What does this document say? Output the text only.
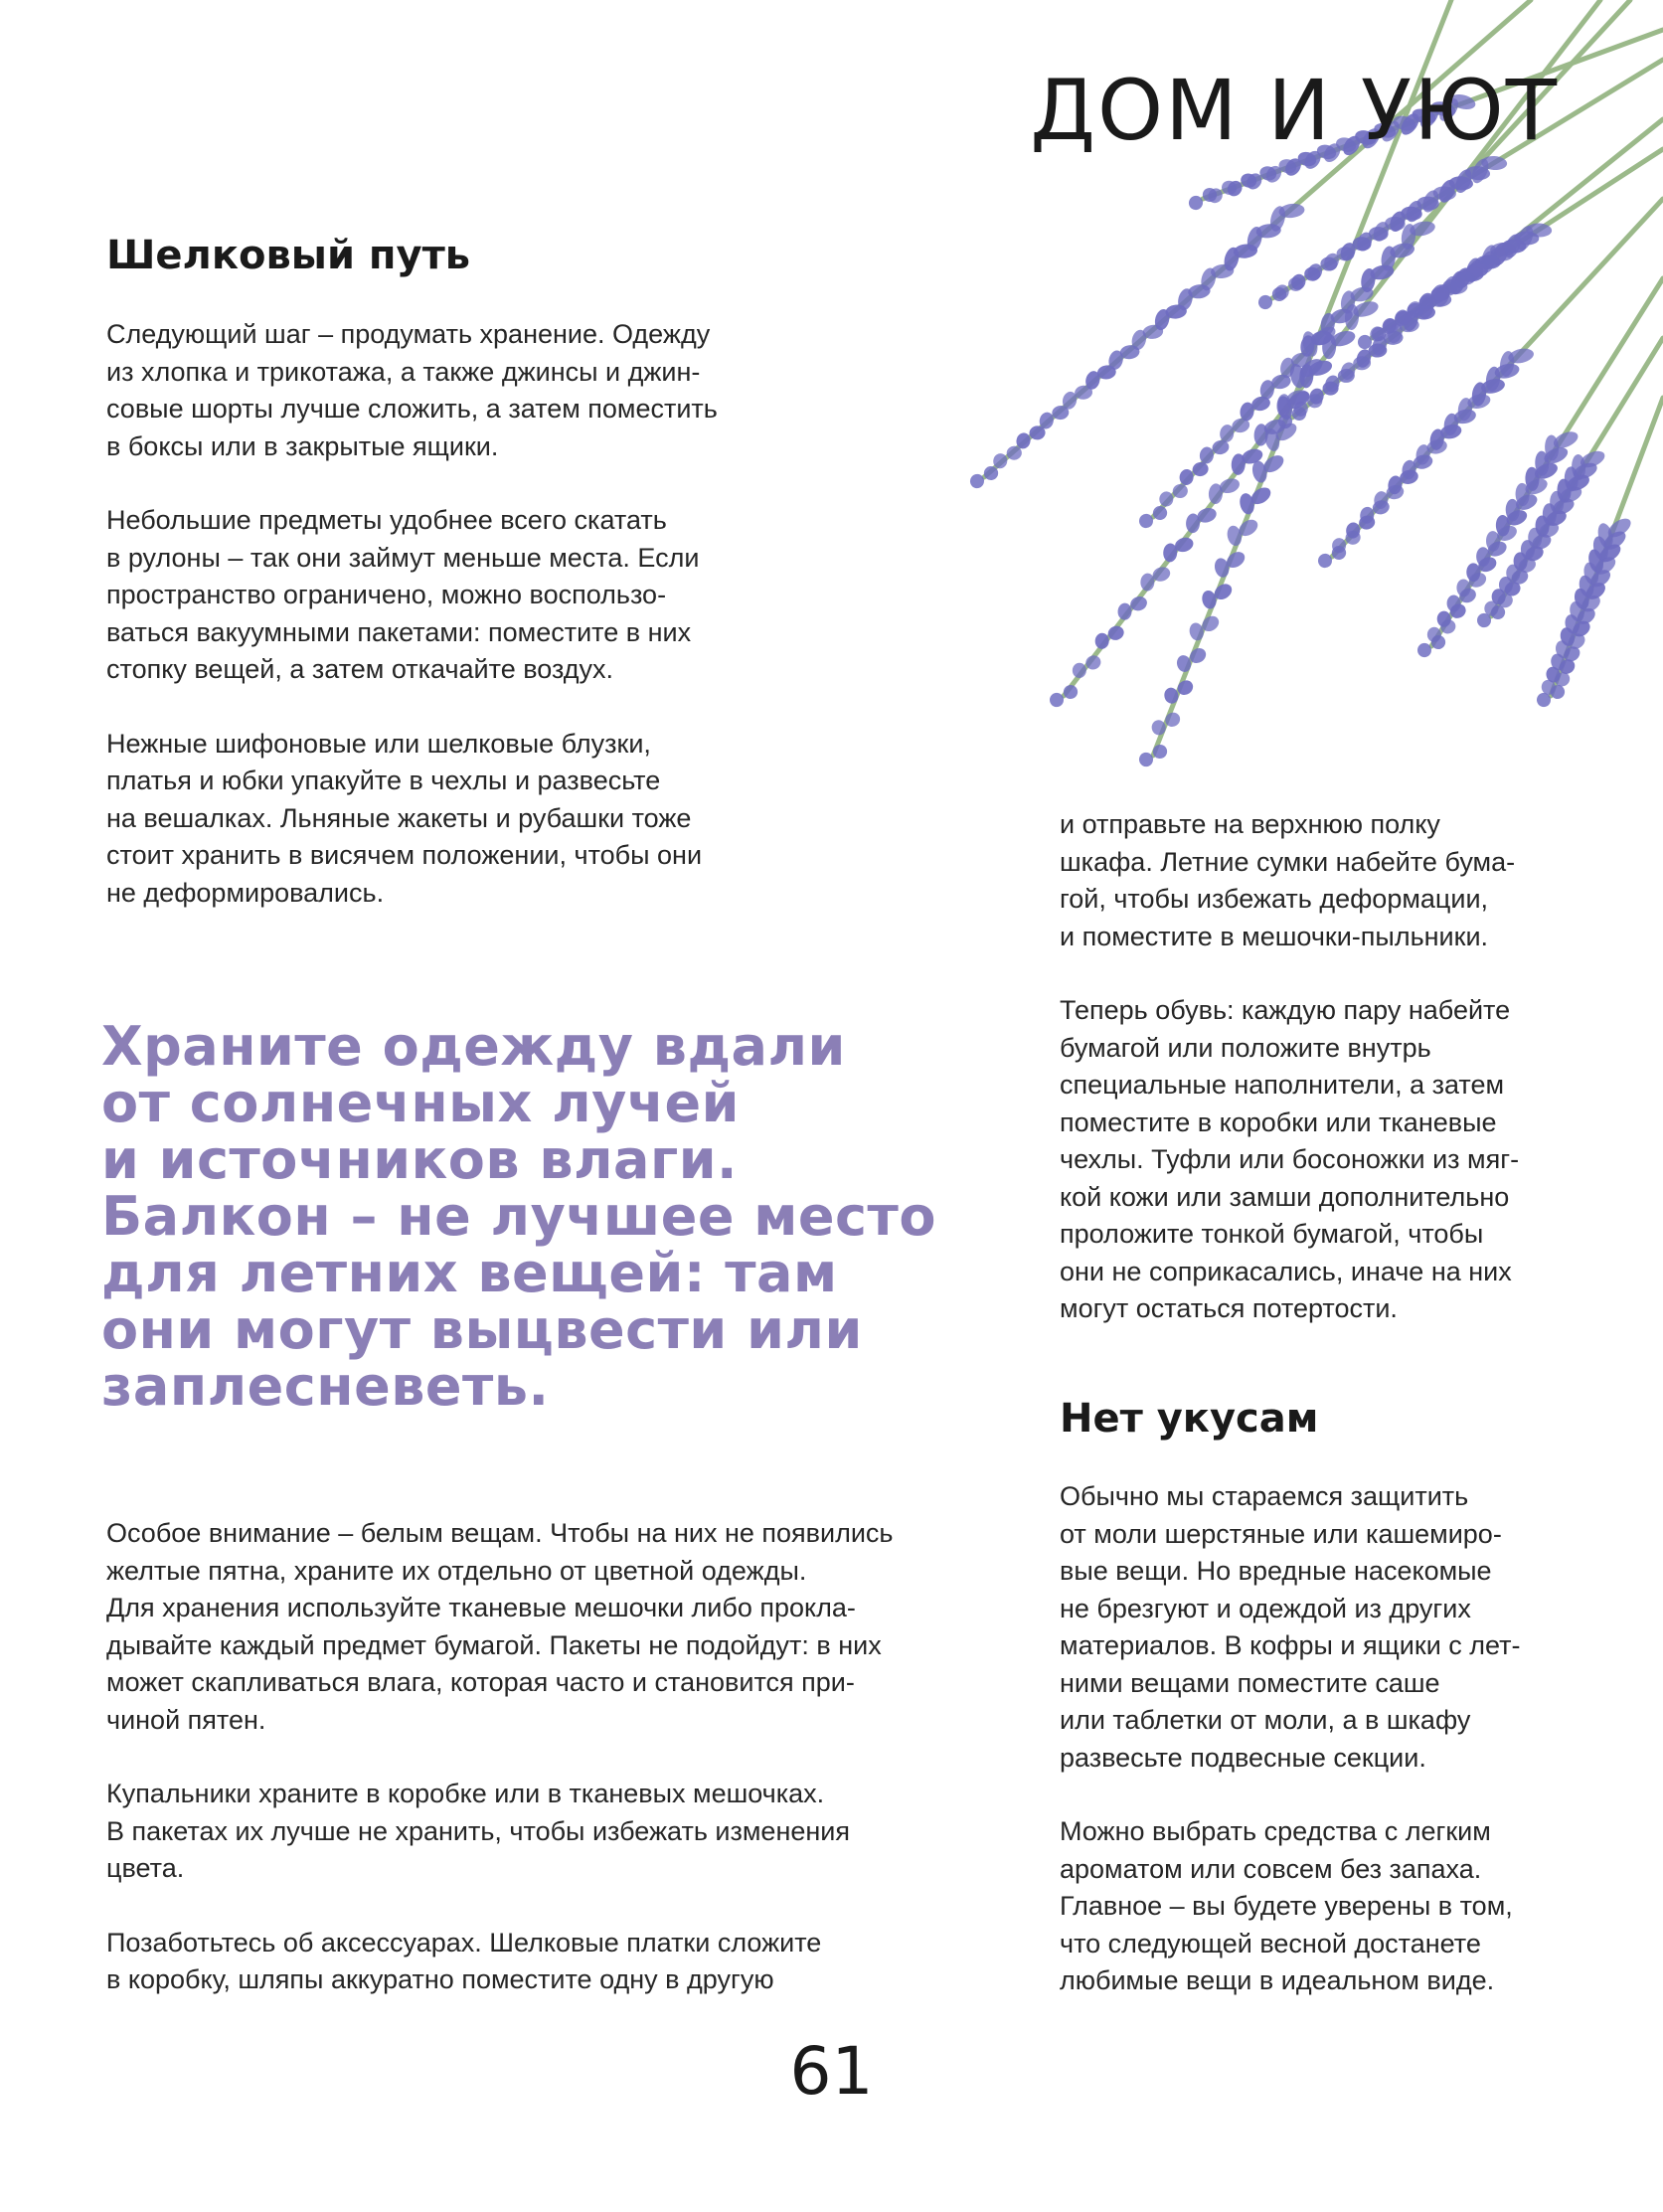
ДОМ И УЮТ
Шелковый путь

Следующий шаг – продумать хранение. Одежду
из хлопка и трикотажа, а также джинсы и джин-
совые шорты лучше сложить, а затем поместить
в боксы или в закрытые ящики.

Небольшие предметы удобнее всего скатать
в рулоны – так они займут меньше места. Если
пространство ограничено, можно воспользо-
ваться вакуумными пакетами: поместите в них
стопку вещей, а затем откачайте воздух.

Нежные шифоновые или шелковые блузки,
платья и юбки упакуйте в чехлы и развесьте
на вешалках. Льняные жакеты и рубашки тоже
стоит хранить в висячем положении, чтобы они
не деформировались.

Храните одежду вдали
от солнечных лучей
и источников влаги.
Балкон – не лучшее место
для летних вещей: там
они могут выцвести или
заплесневеть.

Особое внимание – белым вещам. Чтобы на них не появились
желтые пятна, храните их отдельно от цветной одежды.
Для хранения используйте тканевые мешочки либо прокла-
дывайте каждый предмет бумагой. Пакеты не подойдут: в них
может скапливаться влага, которая часто и становится при-
чиной пятен.

Купальники храните в коробке или в тканевых мешочках.
В пакетах их лучше не хранить, чтобы избежать изменения
цвета.

Позаботьтесь об аксессуарах. Шелковые платки сложите
в коробку, шляпы аккуратно поместите одну в другую

и отправьте на верхнюю полку
шкафа. Летние сумки набейте бума-
гой, чтобы избежать деформации,
и поместите в мешочки-пыльники.

Теперь обувь: каждую пару набейте
бумагой или положите внутрь
специальные наполнители, а затем
поместите в коробки или тканевые
чехлы. Туфли или босоножки из мяг-
кой кожи или замши дополнительно
проложите тонкой бумагой, чтобы
они не соприкасались, иначе на них
могут остаться потертости.

Нет укусам

Обычно мы стараемся защитить
от моли шерстяные или кашемиро-
вые вещи. Но вредные насекомые
не брезгуют и одеждой из других
материалов. В кофры и ящики с лет-
ними вещами поместите саше
или таблетки от моли, а в шкафу
развесьте подвесные секции.

Можно выбрать средства с легким
ароматом или совсем без запаха.
Главное – вы будете уверены в том,
что следующей весной достанете
любимые вещи в идеальном виде.

61
